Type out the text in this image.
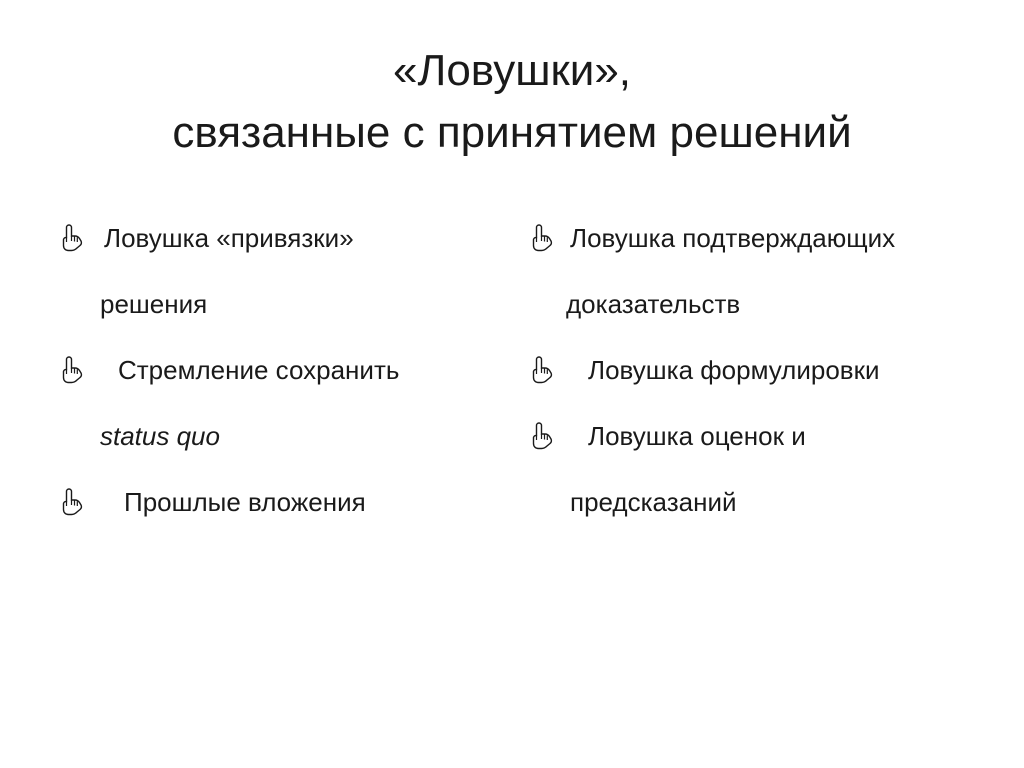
«Ловушки»,
связанные с принятием решений
Ловушка «привязки»
решения
Стремление сохранить
status quo
Прошлые вложения
Ловушка подтверждающих
доказательств
Ловушка формулировки
Ловушка оценок и
предсказаний
